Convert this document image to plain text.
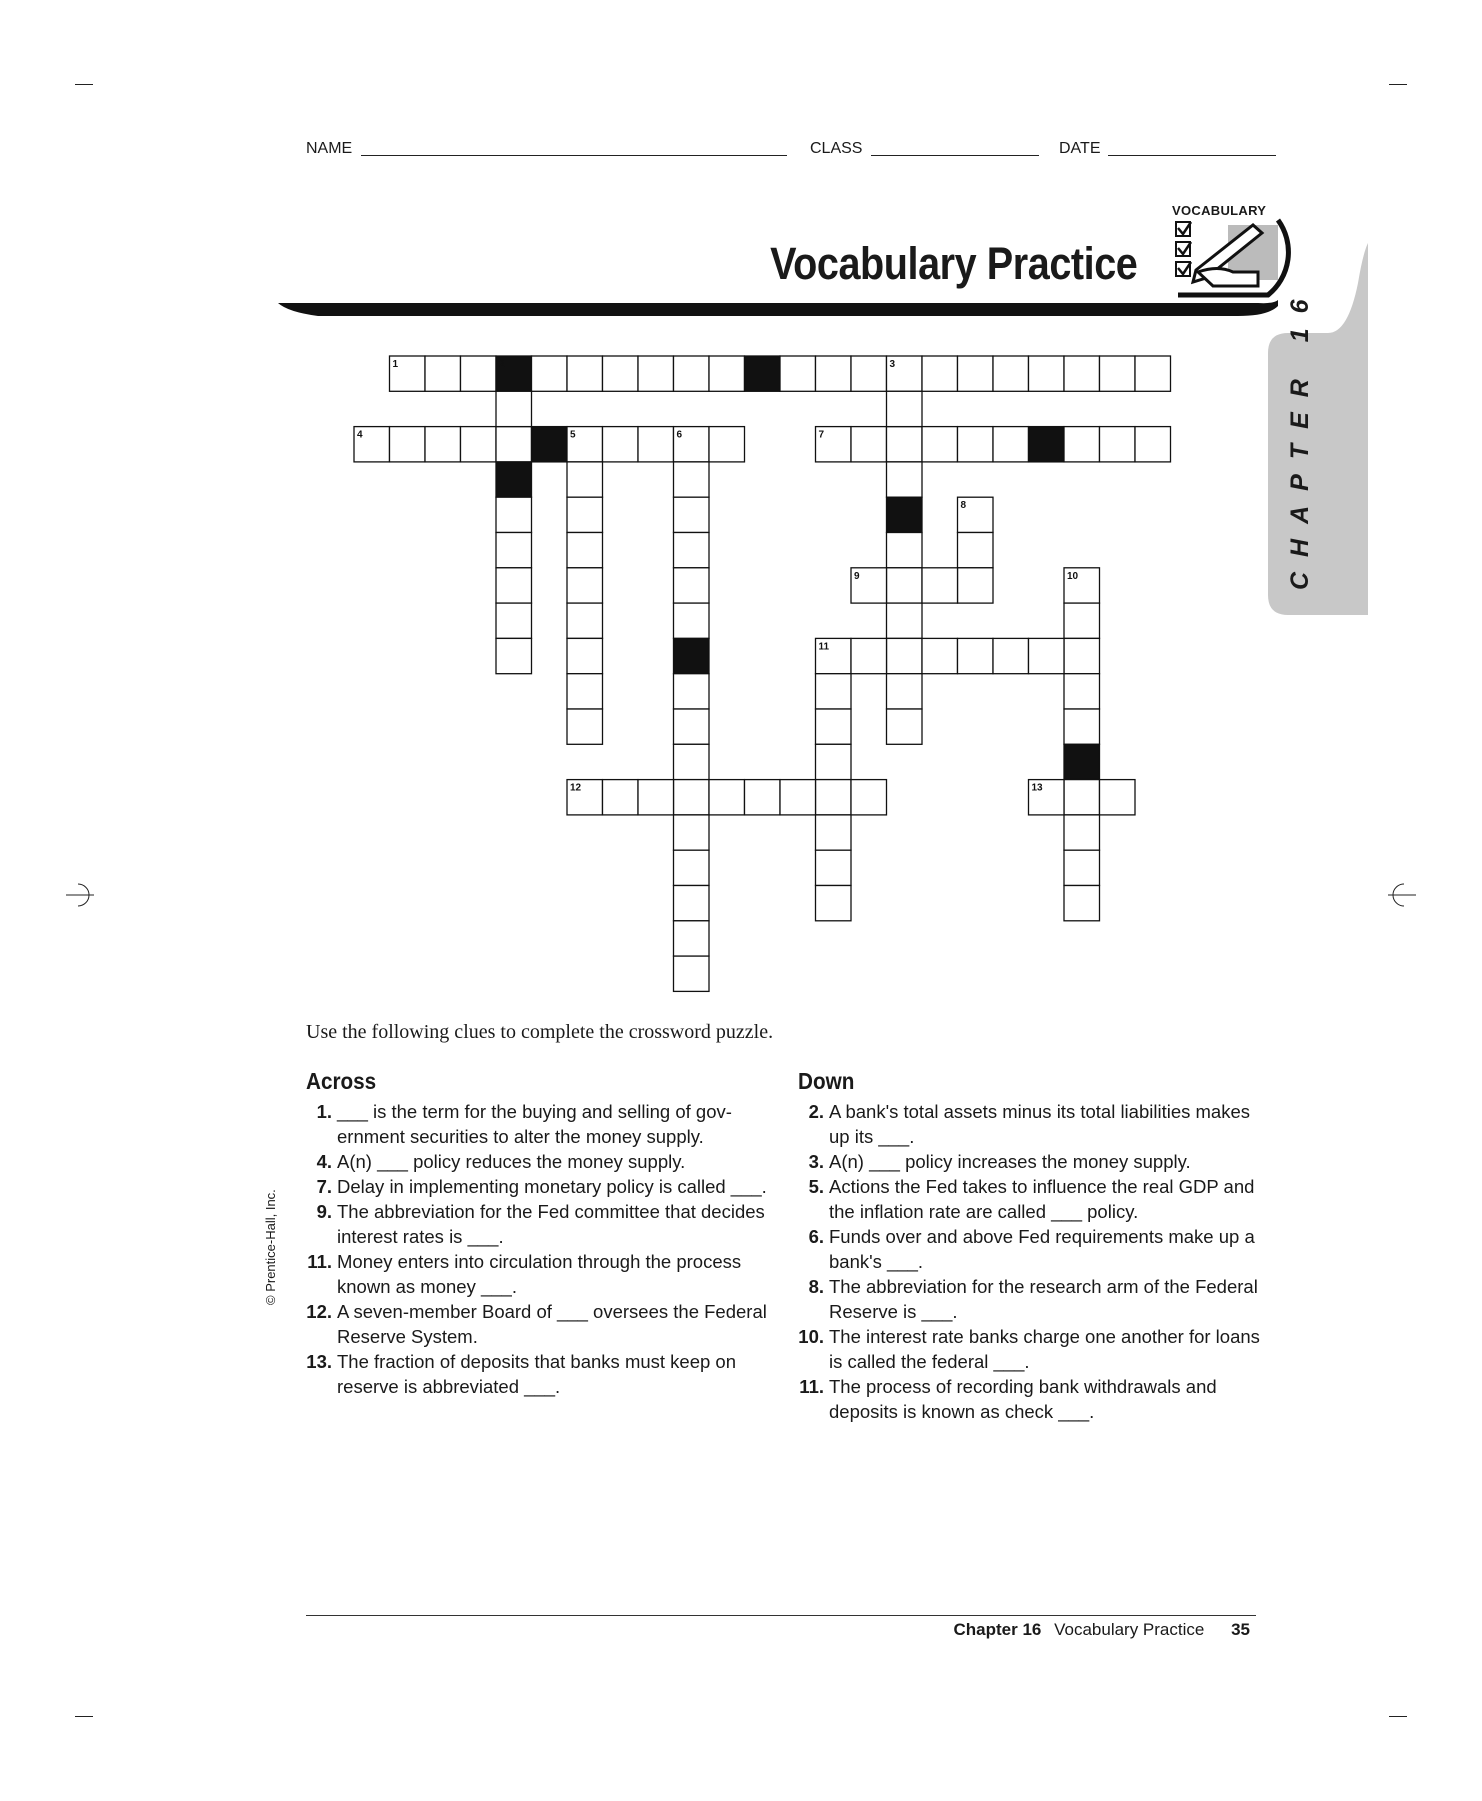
NAME	CLASS	DATE
Vocabulary Practice
VOCABULARY
CHAPTER 16
1	2	3
4	5	6	7
8
9	10
11
12	13
Use the following clues to complete the crossword puzzle.
Across
1. ___ is the term for the buying and selling of gov-ernment securities to alter the money supply.
4. A(n) ___ policy reduces the money supply.
7. Delay in implementing monetary policy is called ___.
9. The abbreviation for the Fed committee that decides interest rates is ___.
11. Money enters into circulation through the process known as money ___.
12. A seven-member Board of ___ oversees the Federal Reserve System.
13. The fraction of deposits that banks must keep on reserve is abbreviated ___.
Down
2. A bank's total assets minus its total liabilities makes up its ___.
3. A(n) ___ policy increases the money supply.
5. Actions the Fed takes to influence the real GDP and the inflation rate are called ___ policy.
6. Funds over and above Fed requirements make up a bank's ___.
8. The abbreviation for the research arm of the Federal Reserve is ___.
10. The interest rate banks charge one another for loans is called the federal ___.
11. The process of recording bank withdrawals and deposits is known as check ___.
© Prentice-Hall, Inc.
Chapter 16 Vocabulary Practice 35
